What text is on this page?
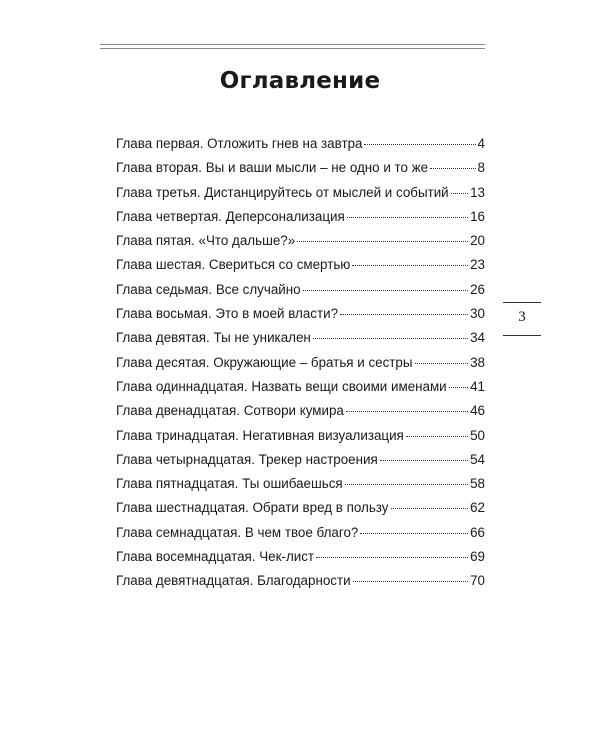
Оглавление
Глава первая. Отложить гнев на завтра	4
Глава вторая. Вы и ваши мысли – не одно и то же	8
Глава третья. Дистанцируйтесь от мыслей и событий 13
Глава четвертая. Деперсонализация	16
Глава пятая. «Что дальше?»	20
Глава шестая. Свериться со смертью	23
Глава седьмая. Все случайно	26
Глава восьмая. Это в моей власти?	30
Глава девятая. Ты не уникален	34
Глава десятая. Окружающие – братья и сестры	38
Глава одиннадцатая. Назвать вещи своими именами 41
Глава двенадцатая. Сотвори кумира	46
Глава тринадцатая. Негативная визуализация	50
Глава четырнадцатая. Трекер настроения	54
Глава пятнадцатая. Ты ошибаешься	58
Глава шестнадцатая. Обрати вред в пользу	62
Глава семнадцатая. В чем твое благо?	66
Глава восемнадцатая. Чек-лист	69
Глава девятнадцатая. Благодарности	70
3
